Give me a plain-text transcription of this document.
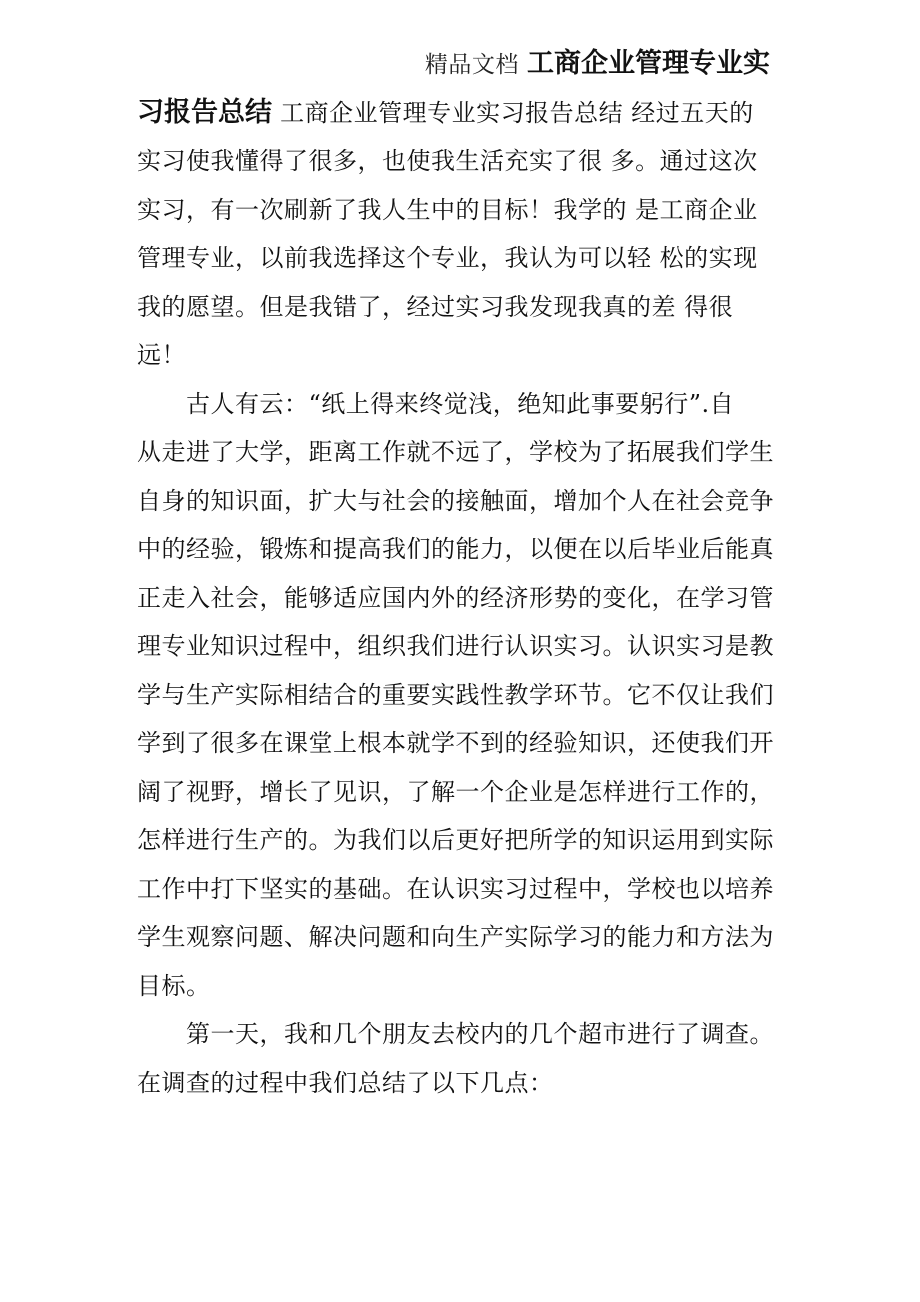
精品文档 工商企业管理专业实
习报告总结 工商企业管理专业实习报告总结 经过五天的
实习使我懂得了很多，也使我生活充实了很 多。通过这次
实习，有一次刷新了我人生中的目标！我学的 是工商企业
管理专业，以前我选择这个专业，我认为可以轻 松的实现
我的愿望。但是我错了，经过实习我发现我真的差 得很
远！
古人有云：“纸上得来终觉浅，绝知此事要躬行”.自
从走进了大学，距离工作就不远了，学校为了拓展我们学生
自身的知识面，扩大与社会的接触面，增加个人在社会竞争
中的经验，锻炼和提高我们的能力，以便在以后毕业后能真
正走入社会，能够适应国内外的经济形势的变化，在学习管
理专业知识过程中，组织我们进行认识实习。认识实习是教
学与生产实际相结合的重要实践性教学环节。它不仅让我们
学到了很多在课堂上根本就学不到的经验知识，还使我们开
阔了视野，增长了见识，了解一个企业是怎样进行工作的，
怎样进行生产的。为我们以后更好把所学的知识运用到实际
工作中打下坚实的基础。在认识实习过程中，学校也以培养
学生观察问题、解决问题和向生产实际学习的能力和方法为
目标。
第一天，我和几个朋友去校内的几个超市进行了调查。
在调查的过程中我们总结了以下几点：
